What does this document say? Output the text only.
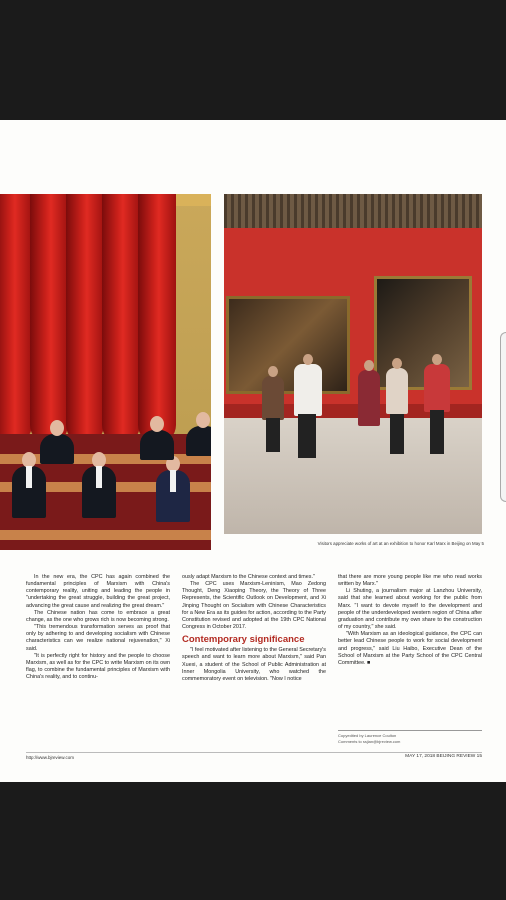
Visitors appreciate works of art at an exhibition to honor Karl Marx in Beijing on May 5

In the new era, the CPC has again combined the fundamental principles of Marxism with China's contemporary reality, uniting and leading the people in "undertaking the great struggle, building the great project, advancing the great cause and realizing the great dream."

The Chinese nation has come to embrace a great change, as the one who grows rich is now becoming strong.

"This tremendous transformation serves as proof that only by adhering to and developing socialism with Chinese characteristics can we realize national rejuvenation," Xi said.

"It is perfectly right for history and the people to choose Marxism, as well as for the CPC to write Marxism on its own flag, to combine the fundamental principles of Marxism with China's reality, and to continu-

ously adapt Marxism to the Chinese context and times."

The CPC uses Marxism-Leninism, Mao Zedong Thought, Deng Xiaoping Theory, the Theory of Three Represents, the Scientific Outlook on Development, and Xi Jinping Thought on Socialism with Chinese Characteristics for a New Era as its guides for action, according to the Party Constitution revised and adopted at the 19th CPC National Congress in October 2017.

Contemporary significance

"I feel motivated after listening to the General Secretary's speech and want to learn more about Marxism," said Pan Xuexi, a student of the School of Public Administration at Inner Mongolia University, who watched the commemoratory event on television. "Now I notice

that there are more young people like me who read works written by Marx."

Li Shuting, a journalism major at Lanzhou University, said that she learned about working for the public from Marx. "I want to devote myself to the development and people of the underdeveloped western region of China after graduation and contribute my own share to the construction of my country," she said.

"With Marxism as an ideological guidance, the CPC can better lead Chinese people to work for social development and progress," said Liu Haibo, Executive Dean of the School of Marxism at the Party School of the CPC Central Committee. ■

Copyedited by Laurence Coulton
Comments to ssjian@bjreview.com
http://www.bjreview.com	MAY 17, 2018 BEIJING REVIEW 15
